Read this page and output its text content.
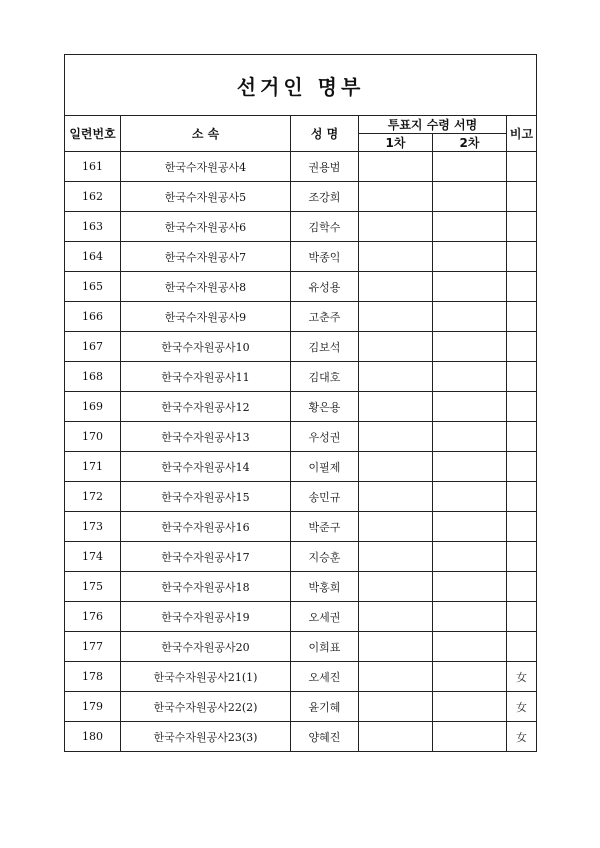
선거인 명부					
일련번호	소 속	성 명	투표지 수령 서명		비고
			1차	2차	
161	한국수자원공사4	권용범			
162	한국수자원공사5	조강희			
163	한국수자원공사6	김학수			
164	한국수자원공사7	박종익			
165	한국수자원공사8	유성용			
166	한국수자원공사9	고춘주			
167	한국수자원공사10	김보석			
168	한국수자원공사11	김대호			
169	한국수자원공사12	황은용			
170	한국수자원공사13	우성권			
171	한국수자원공사14	이필제			
172	한국수자원공사15	송민규			
173	한국수자원공사16	박준구			
174	한국수자원공사17	지승훈			
175	한국수자원공사18	박홍희			
176	한국수자원공사19	오세권			
177	한국수자원공사20	이희표			
178	한국수자원공사21(1)	오세진			女
179	한국수자원공사22(2)	윤기혜			女
180	한국수자원공사23(3)	양혜진			女
